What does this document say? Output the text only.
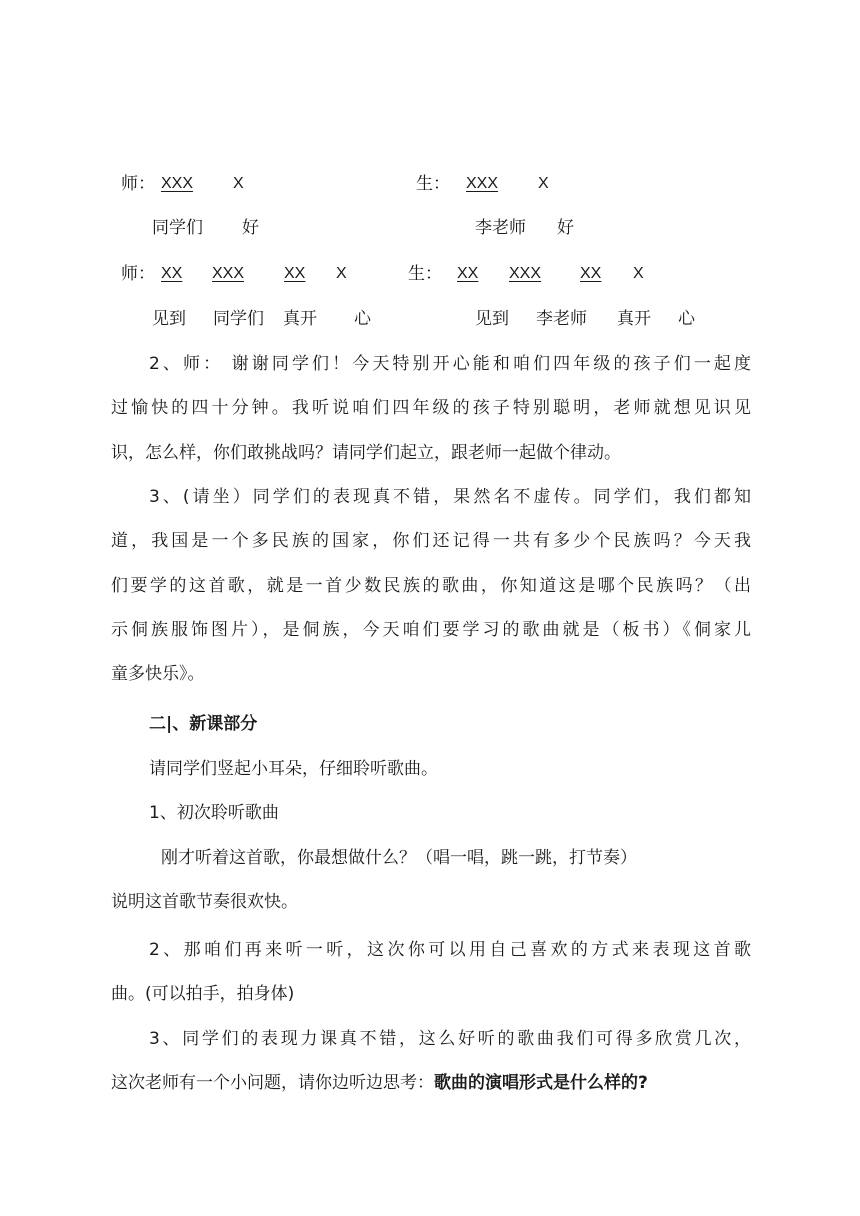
师： XXX X	生： XXX X
同学们 好	李老师 好
师： XX XXX XX X	生： XX XXX XX X
见到 同学们 真开 心	见到 李老师 真开 心
2、师： 谢谢同学们！今天特别开心能和咱们四年级的孩子们一起度
过愉快的四十分钟。我听说咱们四年级的孩子特别聪明，老师就想见识见
识，怎么样，你们敢挑战吗？请同学们起立，跟老师一起做个律动。
3、(请坐）同学们的表现真不错，果然名不虚传。同学们，我们都知
道，我国是一个多民族的国家，你们还记得一共有多少个民族吗？今天我
们要学的这首歌，就是一首少数民族的歌曲，你知道这是哪个民族吗？（出
示侗族服饰图片），是侗族，今天咱们要学习的歌曲就是（板书）《侗家儿
童多快乐》。
二|、新课部分
请同学们竖起小耳朵，仔细聆听歌曲。
1、初次聆听歌曲
刚才听着这首歌，你最想做什么？（唱一唱，跳一跳，打节奏）
说明这首歌节奏很欢快。
2、那咱们再来听一听，这次你可以用自己喜欢的方式来表现这首歌
曲。(可以拍手，拍身体)
3、同学们的表现力课真不错，这么好听的歌曲我们可得多欣赏几次，
这次老师有一个小问题，请你边听边思考：歌曲的演唱形式是什么样的?
